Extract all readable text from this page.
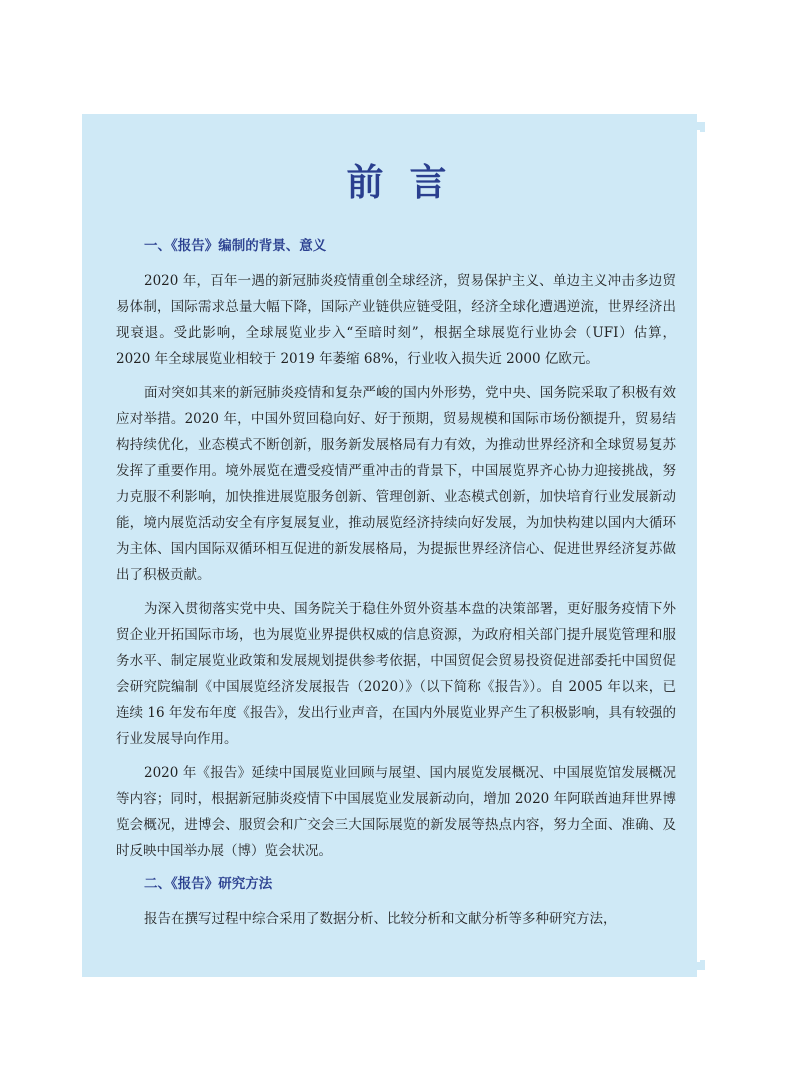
前言
一、《报告》编制的背景、意义

2020 年，百年一遇的新冠肺炎疫情重创全球经济，贸易保护主义、单边主义冲击多边贸易体制，国际需求总量大幅下降，国际产业链供应链受阻，经济全球化遭遇逆流，世界经济出现衰退。受此影响，全球展览业步入“至暗时刻”，根据全球展览行业协会（UFI）估算，2020 年全球展览业相较于 2019 年萎缩 68%，行业收入损失近 2000 亿欧元。

面对突如其来的新冠肺炎疫情和复杂严峻的国内外形势，党中央、国务院采取了积极有效应对举措。2020 年，中国外贸回稳向好、好于预期，贸易规模和国际市场份额提升，贸易结构持续优化，业态模式不断创新，服务新发展格局有力有效，为推动世界经济和全球贸易复苏发挥了重要作用。境外展览在遭受疫情严重冲击的背景下，中国展览界齐心协力迎接挑战，努力克服不利影响，加快推进展览服务创新、管理创新、业态模式创新，加快培育行业发展新动能，境内展览活动安全有序复展复业，推动展览经济持续向好发展，为加快构建以国内大循环为主体、国内国际双循环相互促进的新发展格局，为提振世界经济信心、促进世界经济复苏做出了积极贡献。

为深入贯彻落实党中央、国务院关于稳住外贸外资基本盘的决策部署，更好服务疫情下外贸企业开拓国际市场，也为展览业界提供权威的信息资源，为政府相关部门提升展览管理和服务水平、制定展览业政策和发展规划提供参考依据，中国贸促会贸易投资促进部委托中国贸促会研究院编制《中国展览经济发展报告（2020）》（以下简称《报告》）。自 2005 年以来，已连续 16 年发布年度《报告》，发出行业声音，在国内外展览业界产生了积极影响，具有较强的行业发展导向作用。

2020 年《报告》延续中国展览业回顾与展望、国内展览发展概况、中国展览馆发展概况等内容；同时，根据新冠肺炎疫情下中国展览业发展新动向，增加 2020 年阿联酋迪拜世界博览会概况，进博会、服贸会和广交会三大国际展览的新发展等热点内容，努力全面、准确、及时反映中国举办展（博）览会状况。

二、《报告》研究方法

报告在撰写过程中综合采用了数据分析、比较分析和文献分析等多种研究方法，
